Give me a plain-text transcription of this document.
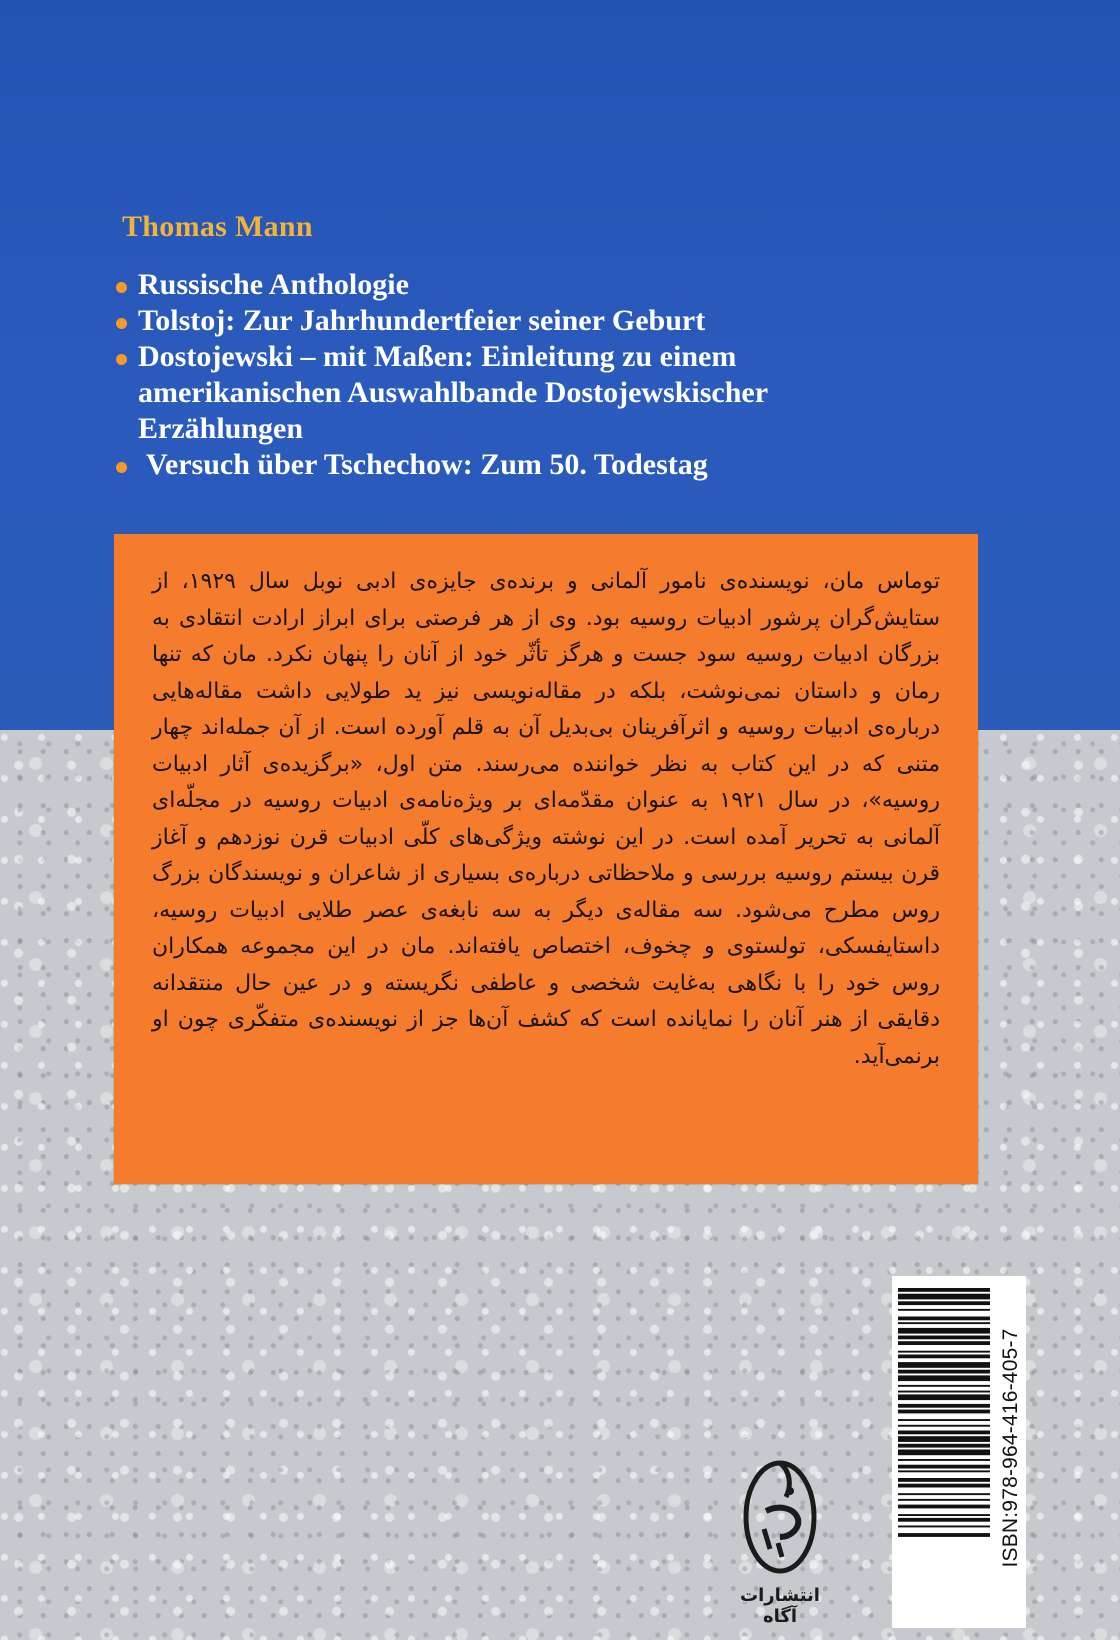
Thomas Mann
Russische Anthologie
Tolstoj: Zur Jahrhundertfeier seiner Geburt
Dostojewski – mit Maßen: Einleitung zu einem
amerikanischen Auswahlbande Dostojewskischer
Erzählungen
Versuch über Tschechow: Zum 50. Todestag

توماس مان، نویسنده‌ی نامور آلمانی و برنده‌ی جایزه‌ی ادبی نوبل سال ۱۹۲۹، از ستایش‌گران پرشور ادبیات روسیه بود. وی از هر فرصتی برای ابراز ارادت انتقادی به بزرگان ادبیات روسیه سود جست و هرگز تأثّر خود از آنان را پنهان نکرد. مان که تنها رمان و داستان نمی‌نوشت، بلکه در مقاله‌نویسی نیز ید طولایی داشت مقاله‌هایی درباره‌ی ادبیات روسیه و اثرآفرینان بی‌بدیل آن به قلم آورده است. از آن جمله‌اند چهار متنی که در این کتاب به نظر خواننده می‌رسند. متن اول، «برگزیده‌ی آثار ادبیات روسیه»، در سال ۱۹۲۱ به عنوان مقدّمه‌ای بر ویژه‌نامه‌ی ادبیات روسیه در مجلّه‌ای آلمانی به تحریر آمده است. در این نوشته ویژگی‌های کلّی ادبیات قرن نوزدهم و آغاز قرن بیستم روسیه بررسی و ملاحظاتی درباره‌ی بسیاری از شاعران و نویسندگان بزرگ روس مطرح می‌شود. سه مقاله‌ی دیگر به سه نابغه‌ی عصر طلایی ادبیات روسیه، داستایفسکی، تولستوی و چخوف، اختصاص یافته‌اند. مان در این مجموعه همکاران روس خود را با نگاهی به‌غایت شخصی و عاطفی نگریسته و در عین حال منتقدانه دقایقی از هنر آنان را نمایانده است که کشف آن‌ها جز از نویسنده‌ی متفکّری چون او برنمی‌آید.

انتشارات آگاه
ISBN:978-964-416-405-7
